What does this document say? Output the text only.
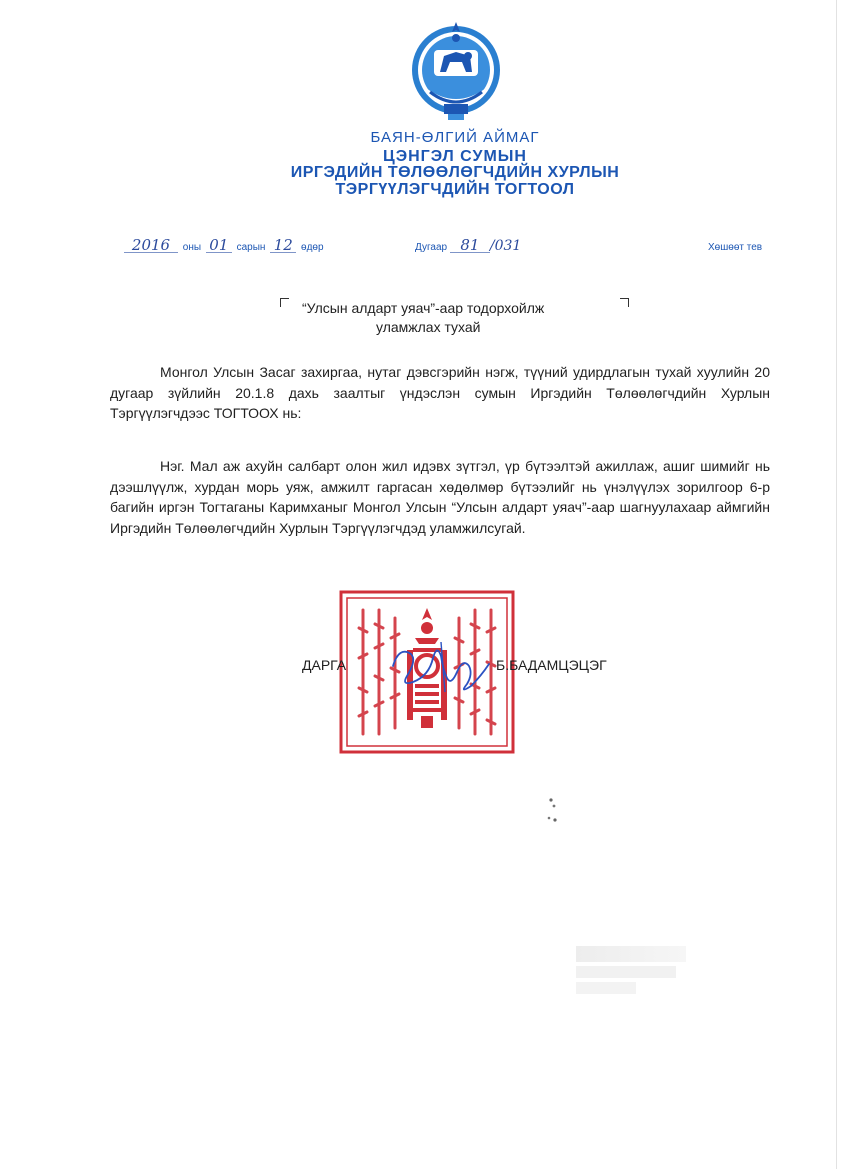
БАЯН-ӨЛГИЙ АЙМАГ
ЦЭНГЭЛ СУМЫН
ИРГЭДИЙН ТӨЛӨӨЛӨГЧДИЙН ХУРЛЫН
ТЭРГҮҮЛЭГЧДИЙН ТОГТООЛ
2016 оны 01 сарын 12 өдөр	Дугаар 81 /031	Хөшөөт тев
“Улсын алдарт уяач”-аар тодорхойлж
уламжлах тухай
Монгол Улсын Засаг захиргаа, нутаг дэвсгэрийн нэгж, түүний удирдлагын тухай хуулийн 20 дугаар зүйлийн 20.1.8 дахь заалтыг үндэслэн сумын Иргэдийн Төлөөлөгчдийн Хурлын Тэргүүлэгчдээс ТОГТООХ нь:
Нэг. Мал аж ахуйн салбарт олон жил идэвх зүтгэл, үр бүтээлтэй ажиллаж, ашиг шимийг нь дээшлүүлж, хурдан морь уяж, амжилт гаргасан хөдөлмөр бүтээлийг нь үнэлүүлэх зорилгоор 6-р багийн иргэн Тогтаганы Каримханыг Монгол Улсын “Улсын алдарт уяач”-аар шагнуулахаар аймгийн Иргэдийн Төлөөлөгчдийн Хурлын Тэргүүлэгчдэд уламжилсугай.
ДАРГА	Б.БАДАМЦЭЦЭГ
